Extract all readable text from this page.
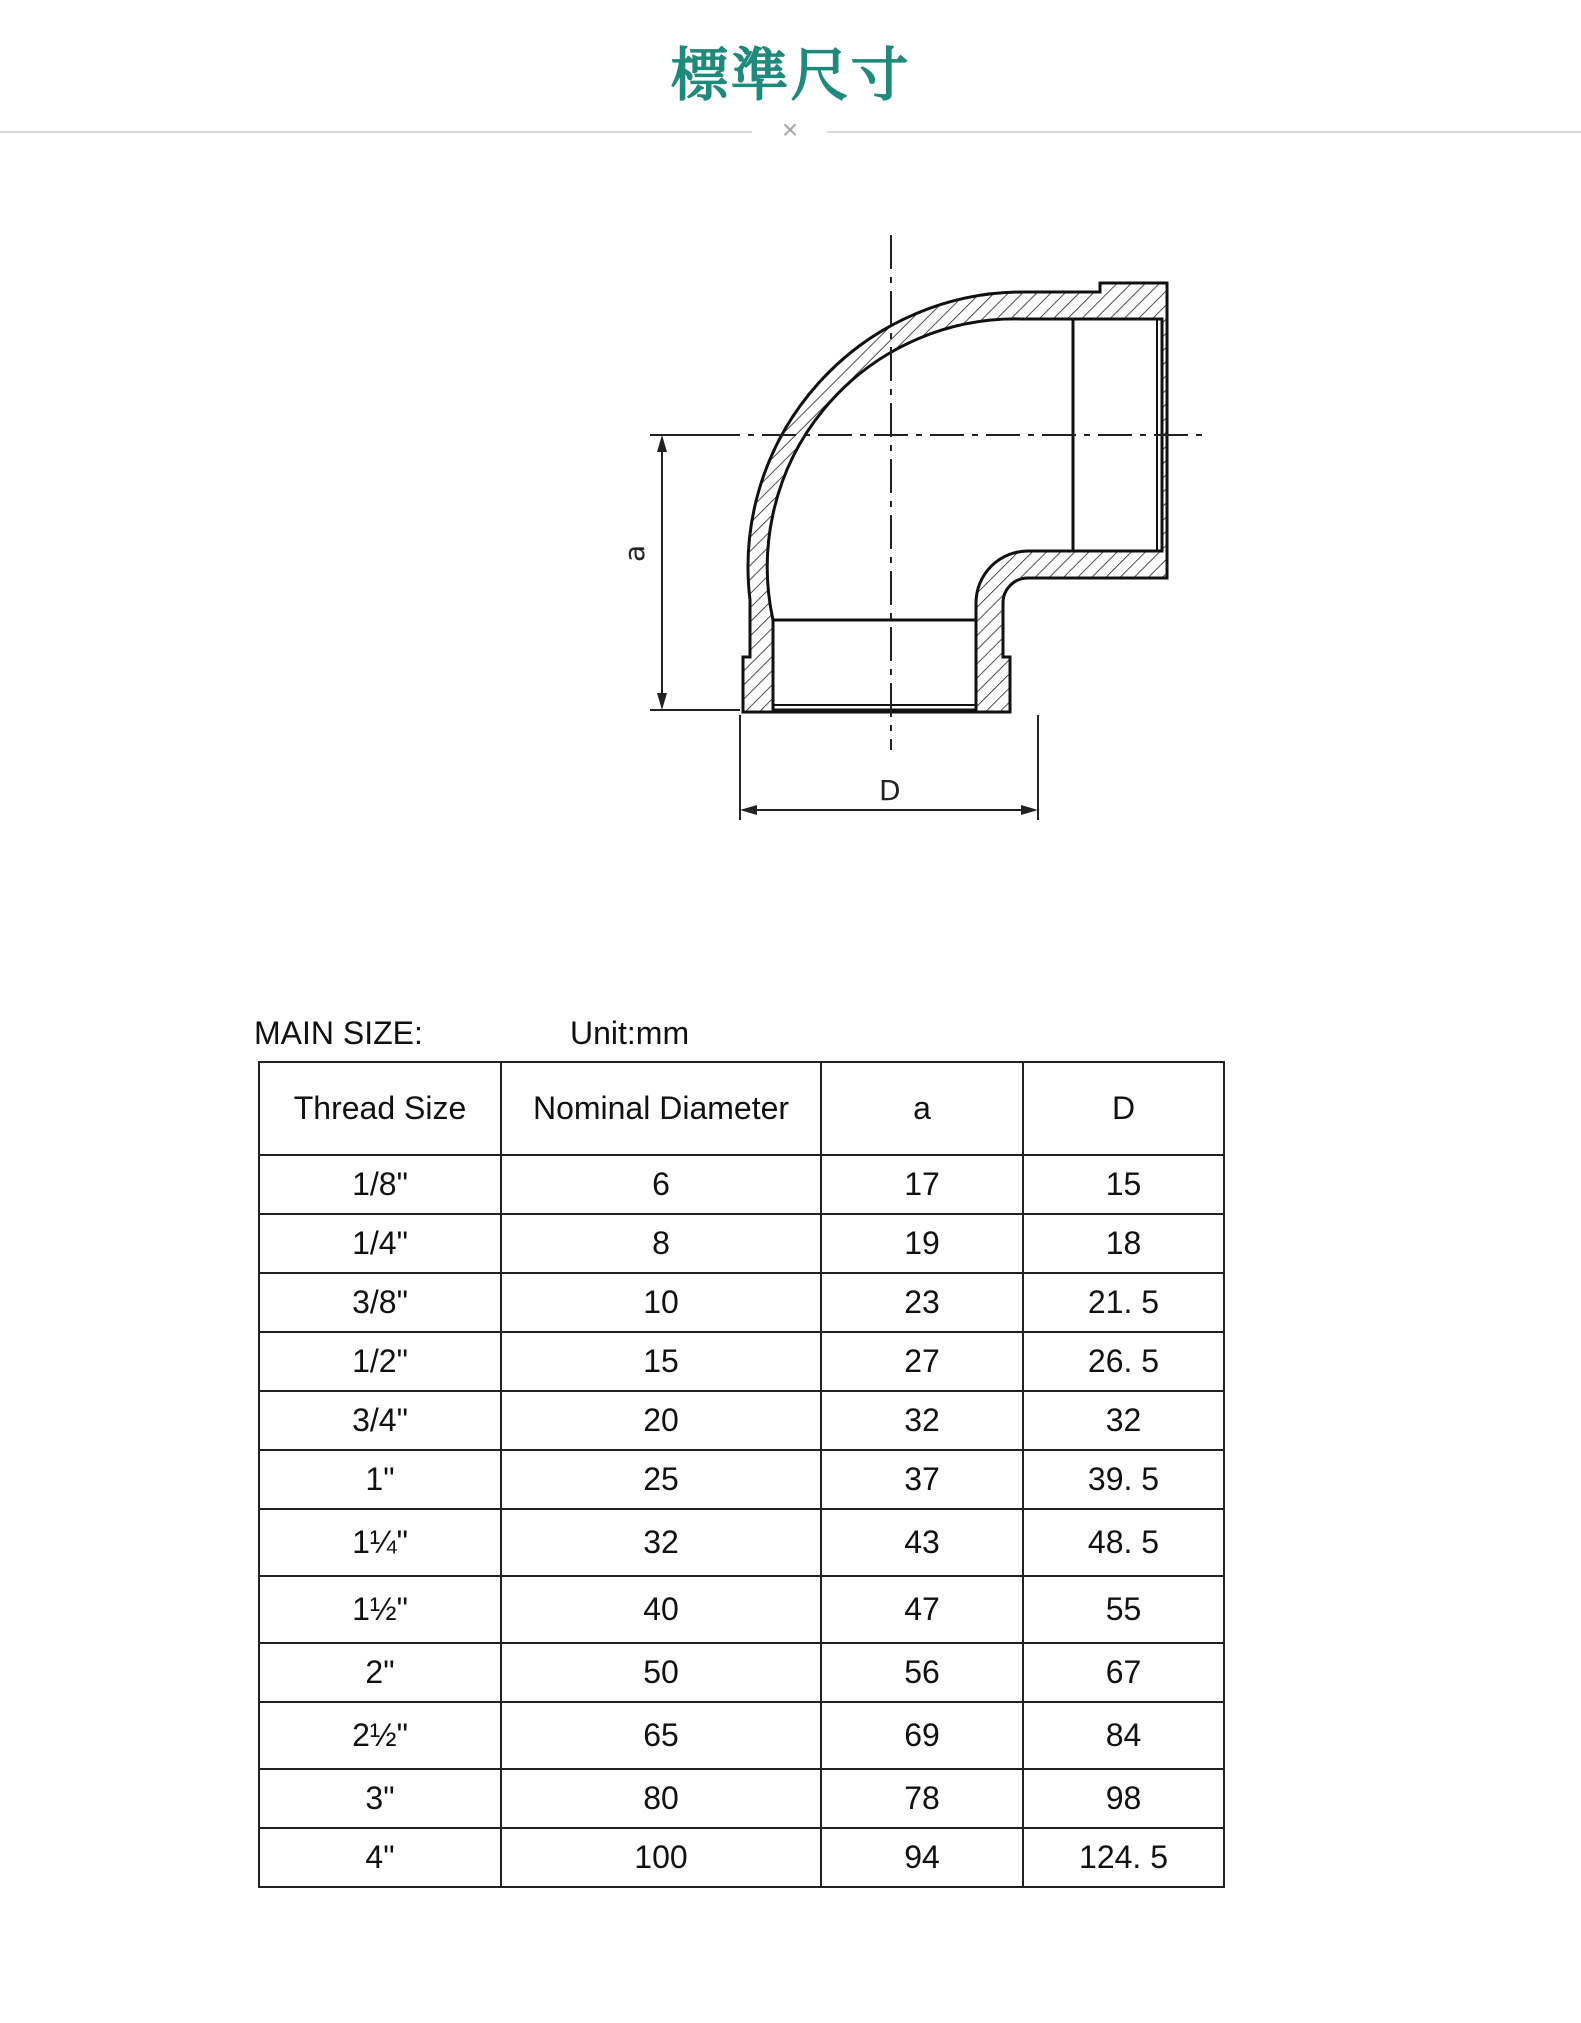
標準尺寸
×
a
D
MAIN SIZE:	Unit:mm
Thread Size	Nominal Diameter	a	D
1/8"	6	17	15
1/4"	8	19	18
3/8"	10	23	21. 5
1/2"	15	27	26. 5
3/4"	20	32	32
1"	25	37	39. 5
1¼"	32	43	48. 5
1½"	40	47	55
2"	50	56	67
2½"	65	69	84
3"	80	78	98
4"	100	94	124. 5
